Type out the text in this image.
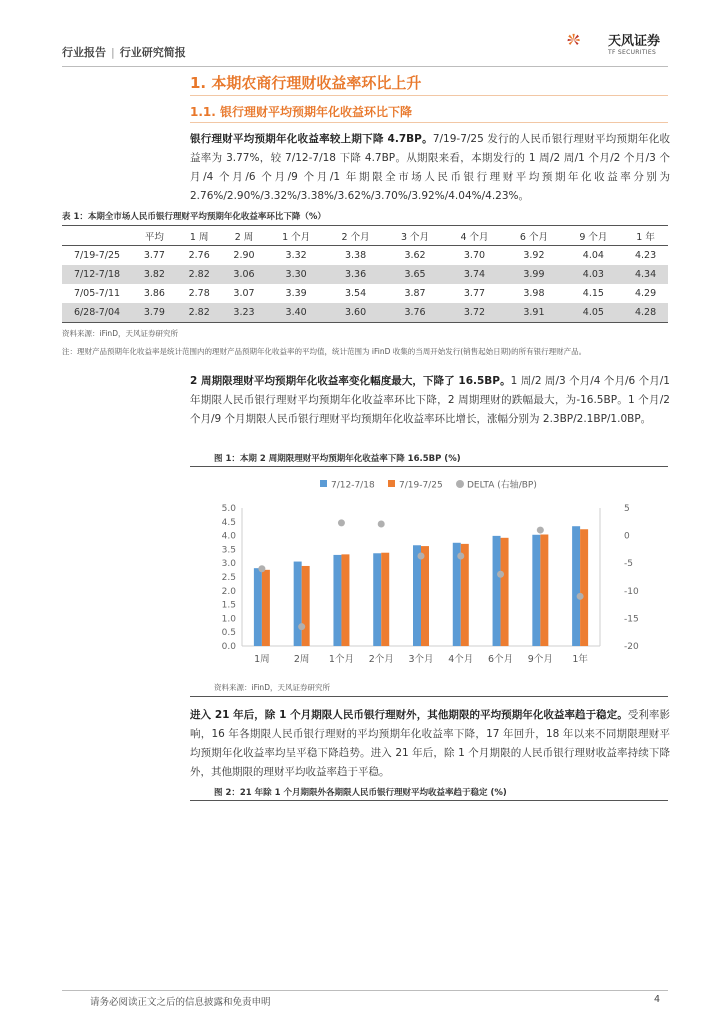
行业报告 | 行业研究简报
天风证券
TF SECURITIES
1. 本期农商行理财收益率环比上升
1.1. 银行理财平均预期年化收益环比下降
银行理财平均预期年化收益率较上期下降 4.7BP。7/19-7/25 发行的人民币银行理财平均预期年化收益率为 3.77%，较 7/12-7/18 下降 4.7BP。从期限来看，本期发行的 1 周/2 周/1 个月/2 个月/3 个月/4 个月/6 个月/9 个月/1 年期限全市场人民币银行理财平均预期年化收益率分别为 2.76%/2.90%/3.32%/3.38%/3.62%/3.70%/3.92%/4.04%/4.23%。
表 1：本期全市场人民币银行理财平均预期年化收益率环比下降（%）
	平均	1 周	2 周	1 个月	2 个月	3 个月	4 个月	6 个月	9 个月	1 年
7/19-7/25	3.77	2.76	2.90	3.32	3.38	3.62	3.70	3.92	4.04	4.23
7/12-7/18	3.82	2.82	3.06	3.30	3.36	3.65	3.74	3.99	4.03	4.34
7/05-7/11	3.86	2.78	3.07	3.39	3.54	3.87	3.77	3.98	4.15	4.29
6/28-7/04	3.79	2.82	3.23	3.40	3.60	3.76	3.72	3.91	4.05	4.28
资料来源：iFinD，天风证券研究所
注：理财产品预期年化收益率是统计范围内的理财产品预期年化收益率的平均值，统计范围为 iFinD 收集的当周开始发行(销售起始日期)的所有银行理财产品。
2 周期限理财平均预期年化收益率变化幅度最大，下降了 16.5BP。1 周/2 周/3 个月/4 个月/6 个月/1 年期限人民币银行理财平均预期年化收益率环比下降，2 周期理财的跌幅最大，为-16.5BP。1 个月/2 个月/9 个月期限人民币银行理财平均预期年化收益率环比增长，涨幅分别为 2.3BP/2.1BP/1.0BP。
图 1：本期 2 周期限理财平均预期年化收益率下降 16.5BP (%)
7/12-7/18	7/19-7/25	DELTA (右轴/BP)
0.0
0.5
1.0
1.5
2.0
2.5
3.0
3.5
4.0
4.5
5.0
-20
-15
-10
-5
0
5
1周	2周 1个月 2个月 3个月 4个月 6个月 9个月 1年
资料来源：iFinD，天风证券研究所
进入 21 年后，除 1 个月期限人民币银行理财外，其他期限的平均预期年化收益率趋于稳定。受利率影响，16 年各期限人民币银行理财的平均预期年化收益率下降，17 年回升，18 年以来不同期限理财平均预期年化收益率均呈平稳下降趋势。进入 21 年后，除 1 个月期限的人民币银行理财收益率持续下降外，其他期限的理财平均收益率趋于平稳。
图 2：21 年除 1 个月期限外各期限人民币银行理财平均收益率趋于稳定 (%)
请务必阅读正文之后的信息披露和免责申明	4
